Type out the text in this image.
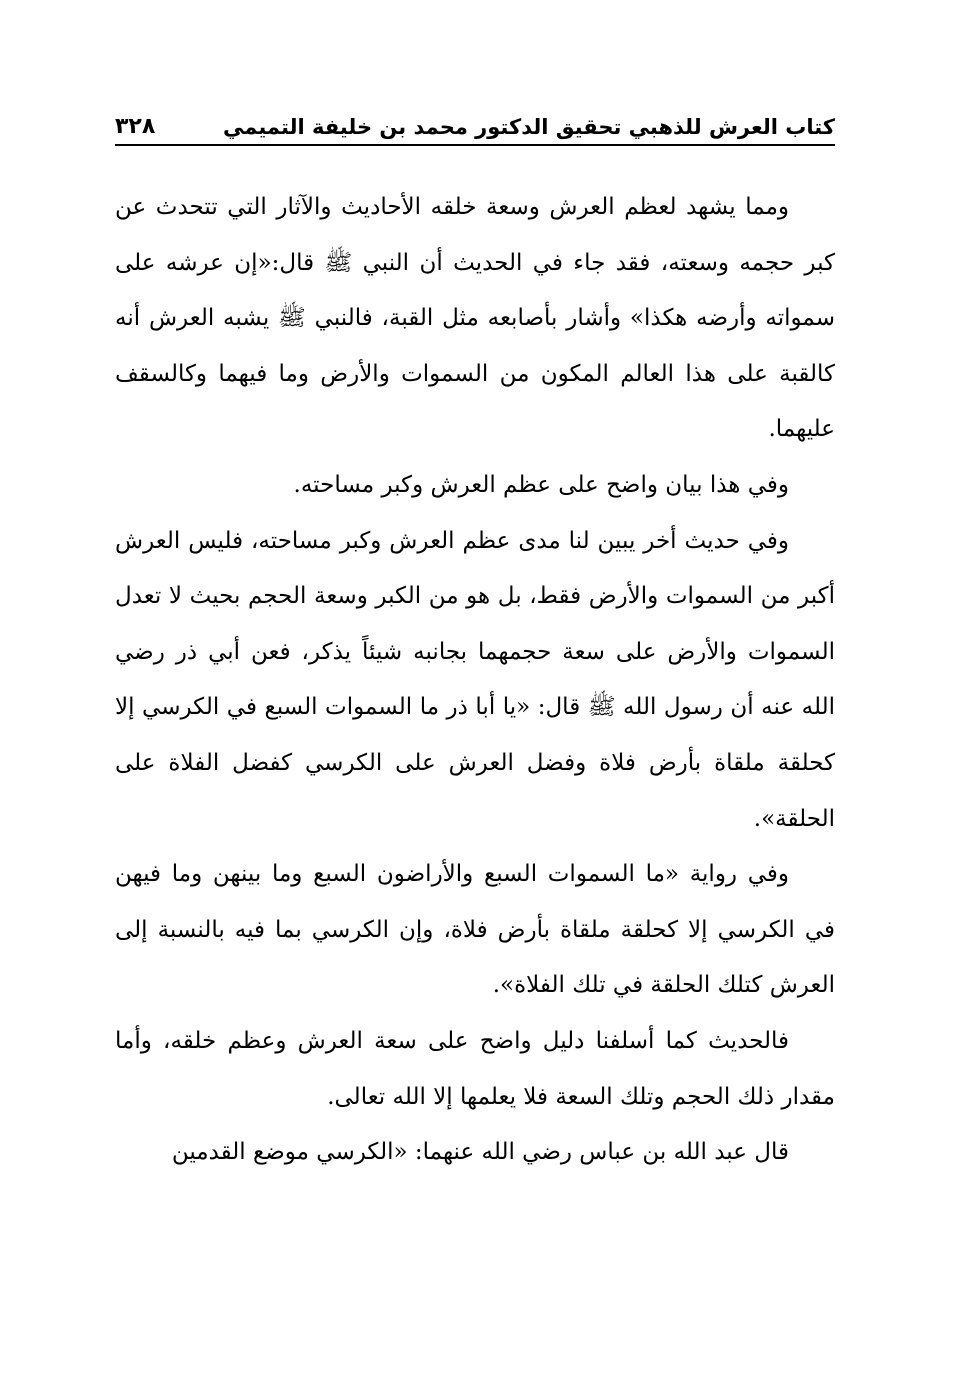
كتاب العرش للذهبي تحقيق الدكتور محمد بن خليفة التميمي
٣٢٨

ومما يشهد لعظم العرش وسعة خلقه الأحاديث والآثار التي تتحدث عن كبر حجمه وسعته، فقد جاء في الحديث أن النبي ﷺ قال:«إن عرشه على سمواته وأرضه هكذا» وأشار بأصابعه مثل القبة، فالنبي ﷺ يشبه العرش أنه كالقبة على هذا العالم المكون من السموات والأرض وما فيهما وكالسقف عليهما.

وفي هذا بيان واضح على عظم العرش وكبر مساحته.

وفي حديث أخر يبين لنا مدى عظم العرش وكبر مساحته، فليس العرش أكبر من السموات والأرض فقط، بل هو من الكبر وسعة الحجم بحيث لا تعدل السموات والأرض على سعة حجمهما بجانبه شيئاً يذكر، فعن أبي ذر رضي الله عنه أن رسول الله ﷺ قال: «يا أبا ذر ما السموات السبع في الكرسي إلا كحلقة ملقاة بأرض فلاة وفضل العرش على الكرسي كفضل الفلاة على الحلقة».

وفي رواية «ما السموات السبع والأراضون السبع وما بينهن وما فيهن في الكرسي إلا كحلقة ملقاة بأرض فلاة، وإن الكرسي بما فيه بالنسبة إلى العرش كتلك الحلقة في تلك الفلاة».

فالحديث كما أسلفنا دليل واضح على سعة العرش وعظم خلقه، وأما مقدار ذلك الحجم وتلك السعة فلا يعلمها إلا الله تعالى.

قال عبد الله بن عباس رضي الله عنهما: «الكرسي موضع القدمين
